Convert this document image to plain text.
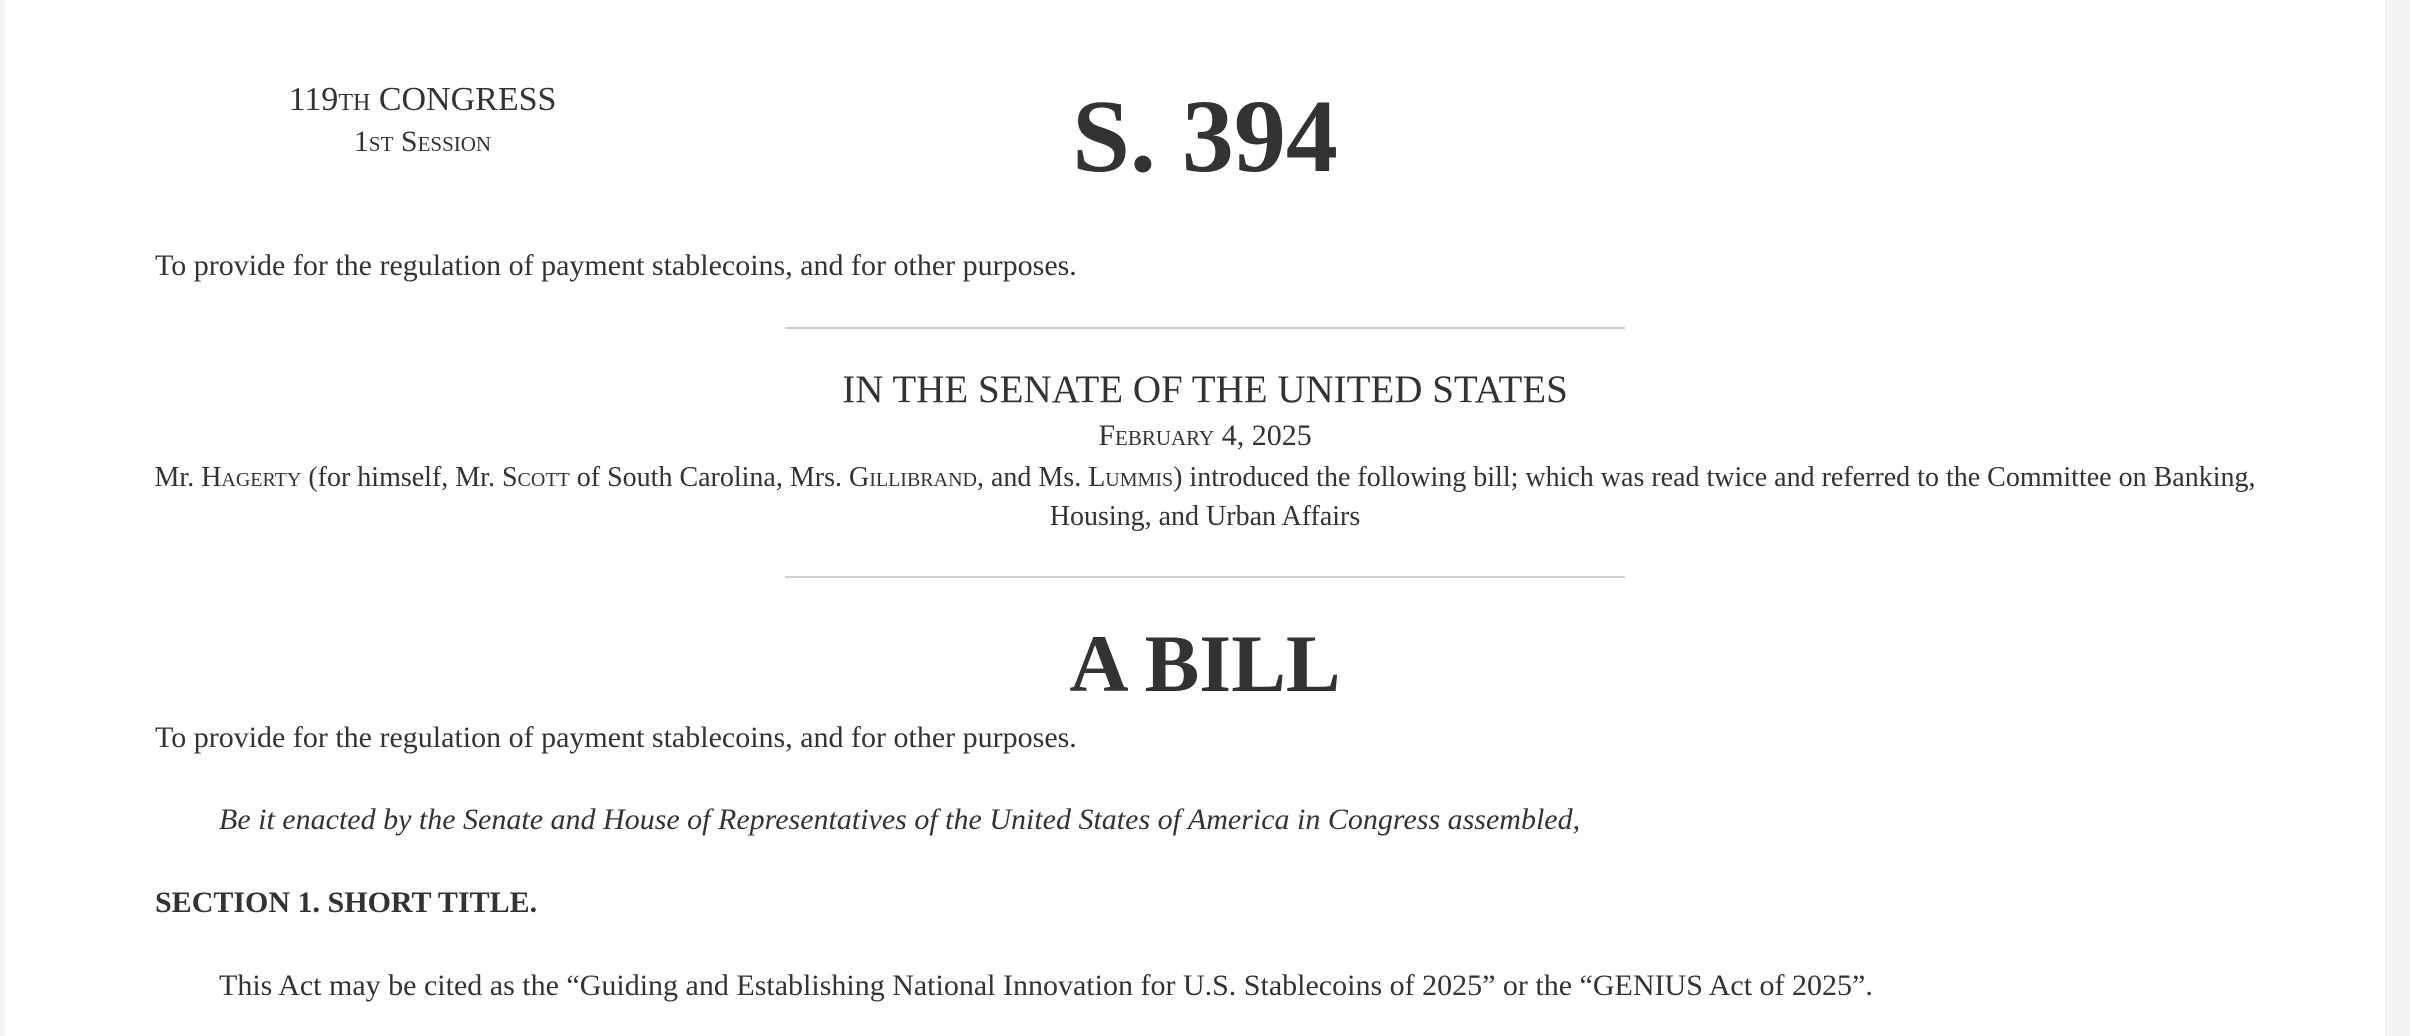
119th CONGRESS
1st Session	S. 394
To provide for the regulation of payment stablecoins, and for other purposes.
IN THE SENATE OF THE UNITED STATES
February 4, 2025
Mr. Hagerty (for himself, Mr. Scott of South Carolina, Mrs. Gillibrand, and Ms. Lummis) introduced the following bill; which was read twice and referred to the Committee on Banking, Housing, and Urban Affairs
A BILL
To provide for the regulation of payment stablecoins, and for other purposes.
Be it enacted by the Senate and House of Representatives of the United States of America in Congress assembled,
SECTION 1. SHORT TITLE.
This Act may be cited as the “Guiding and Establishing National Innovation for U.S. Stablecoins of 2025” or the “GENIUS Act of 2025”.
